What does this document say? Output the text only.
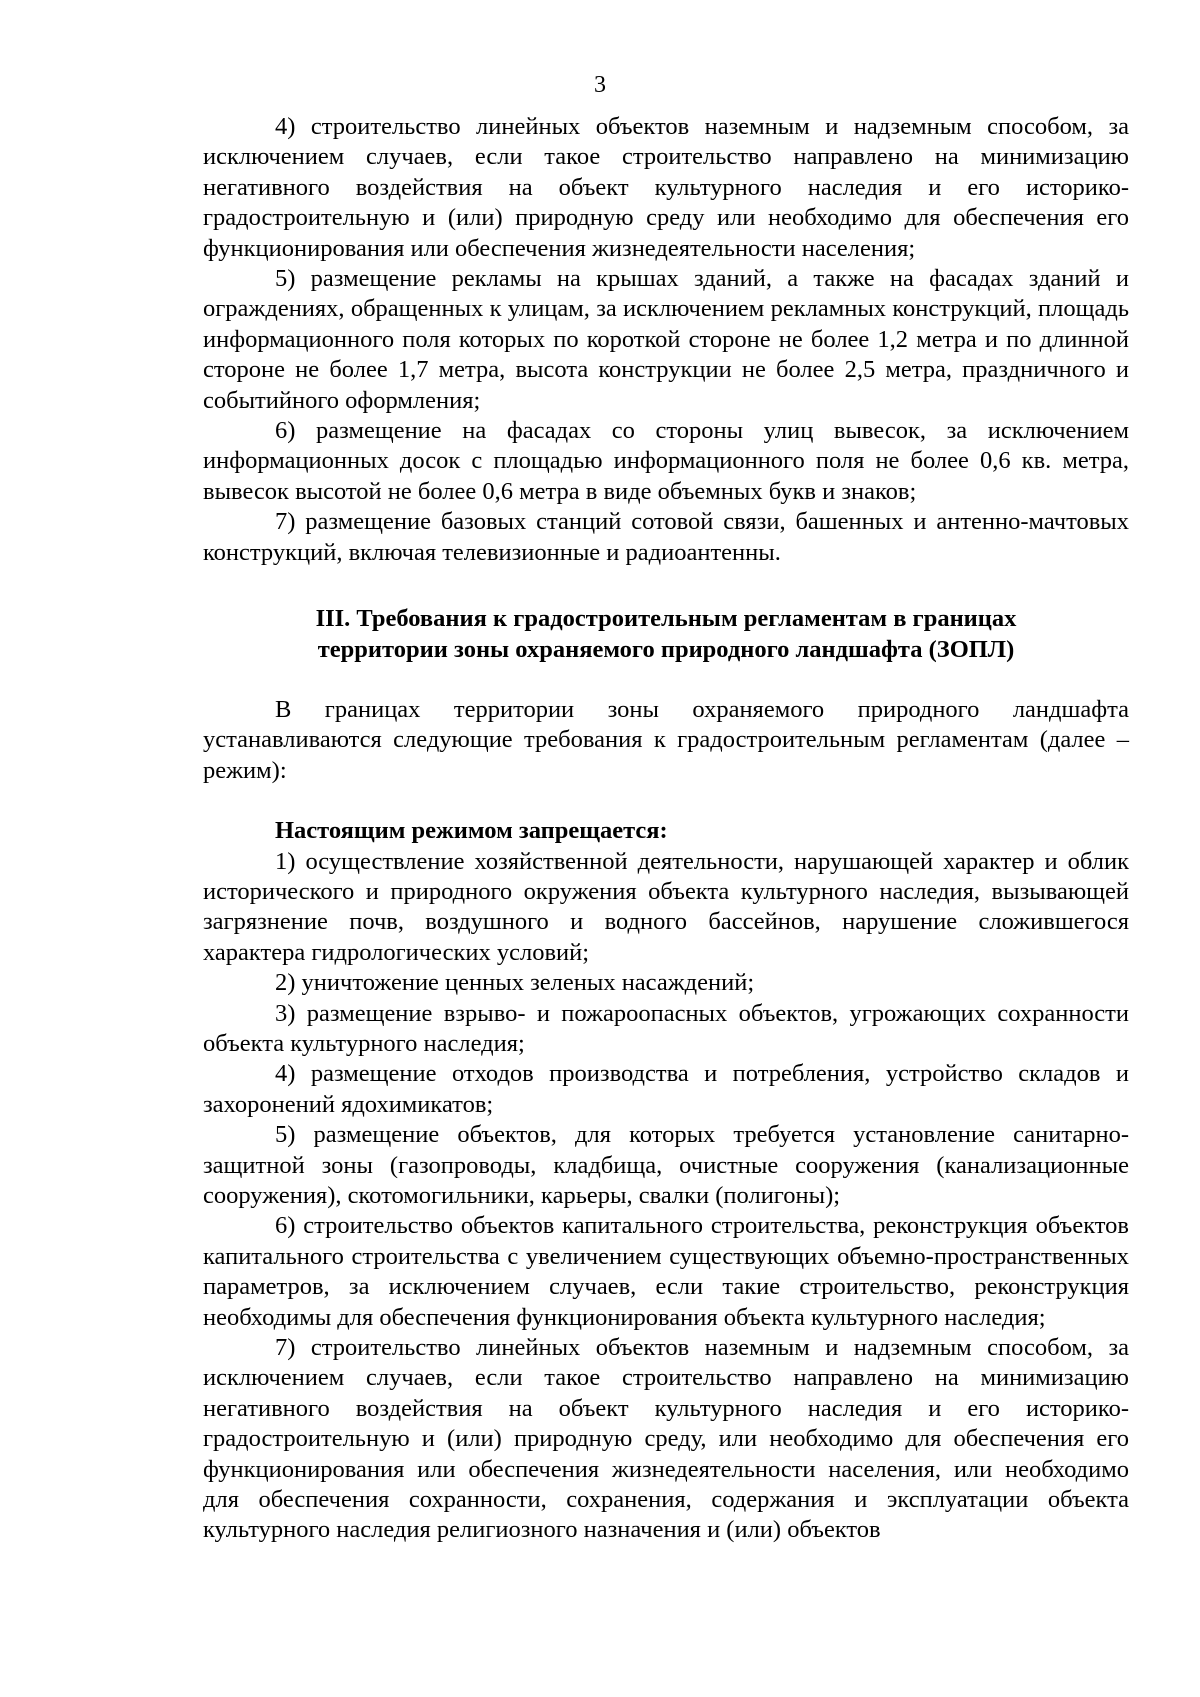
3

4) строительство линейных объектов наземным и надземным способом, за исключением случаев, если такое строительство направлено на минимизацию негативного воздействия на объект культурного наследия и его историко-градостроительную и (или) природную среду или необходимо для обеспечения его функционирования или обеспечения жизнедеятельности населения;

5) размещение рекламы на крышах зданий, а также на фасадах зданий и ограждениях, обращенных к улицам, за исключением рекламных конструкций, площадь информационного поля которых по короткой стороне не более 1,2 метра и по длинной стороне не более 1,7 метра, высота конструкции не более 2,5 метра, праздничного и событийного оформления;

6) размещение на фасадах со стороны улиц вывесок, за исключением информационных досок с площадью информационного поля не более 0,6 кв. метра, вывесок высотой не более 0,6 метра в виде объемных букв и знаков;

7) размещение базовых станций сотовой связи, башенных и антенно-мачтовых конструкций, включая телевизионные и радиоантенны.

III. Требования к градостроительным регламентам в границах
территории зоны охраняемого природного ландшафта (ЗОПЛ)

В границах территории зоны охраняемого природного ландшафта устанавливаются следующие требования к градостроительным регламентам (далее – режим):

Настоящим режимом запрещается:

1) осуществление хозяйственной деятельности, нарушающей характер и облик исторического и природного окружения объекта культурного наследия, вызывающей загрязнение почв, воздушного и водного бассейнов, нарушение сложившегося характера гидрологических условий;

2) уничтожение ценных зеленых насаждений;

3) размещение взрыво- и пожароопасных объектов, угрожающих сохранности объекта культурного наследия;

4) размещение отходов производства и потребления, устройство складов и захоронений ядохимикатов;

5) размещение объектов, для которых требуется установление санитарно-защитной зоны (газопроводы, кладбища, очистные сооружения (канализационные сооружения), скотомогильники, карьеры, свалки (полигоны);

6) строительство объектов капитального строительства, реконструкция объектов капитального строительства с увеличением существующих объемно-пространственных параметров, за исключением случаев, если такие строительство, реконструкция необходимы для обеспечения функционирования объекта культурного наследия;

7) строительство линейных объектов наземным и надземным способом, за исключением случаев, если такое строительство направлено на минимизацию негативного воздействия на объект культурного наследия и его историко-градостроительную и (или) природную среду, или необходимо для обеспечения его функционирования или обеспечения жизнедеятельности населения, или необходимо для обеспечения сохранности, сохранения, содержания и эксплуатации объекта культурного наследия религиозного назначения и (или) объектов
